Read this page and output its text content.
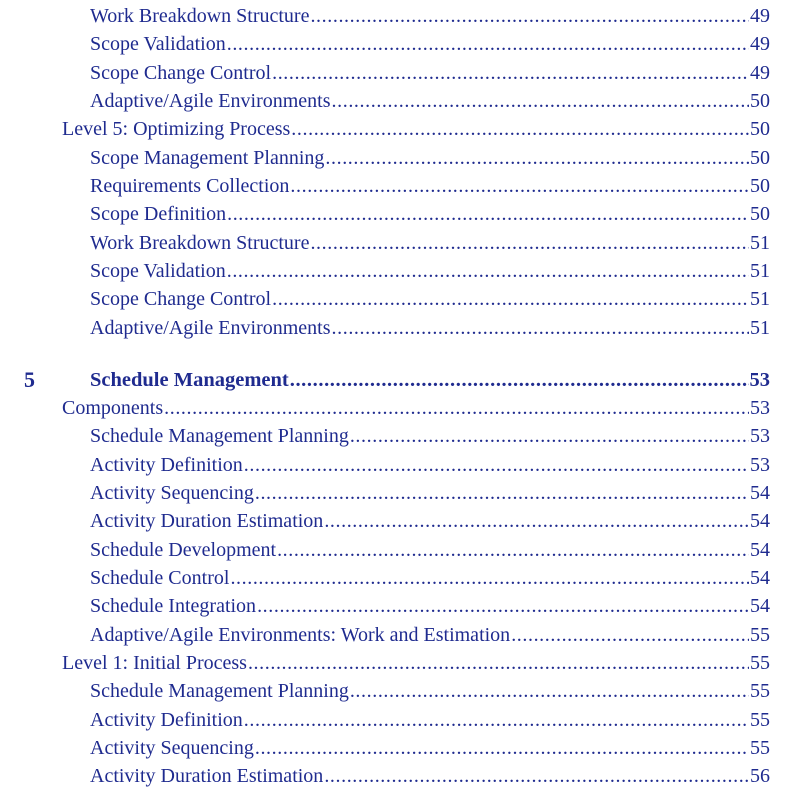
Work Breakdown Structure .....	49
Scope Validation .....	49
Scope Change Control .....	49
Adaptive/Agile Environments .....	50
Level 5: Optimizing Process .....	50
Scope Management Planning .....	50
Requirements Collection .....	50
Scope Definition .....	50
Work Breakdown Structure .....	51
Scope Validation .....	51
Scope Change Control .....	51
Adaptive/Agile Environments .....	51
5	Schedule Management .....	53
Components .....	53
Schedule Management Planning .....	53
Activity Definition .....	53
Activity Sequencing .....	54
Activity Duration Estimation .....	54
Schedule Development .....	54
Schedule Control .....	54
Schedule Integration .....	54
Adaptive/Agile Environments: Work and Estimation .....	55
Level 1: Initial Process .....	55
Schedule Management Planning .....	55
Activity Definition .....	55
Activity Sequencing .....	55
Activity Duration Estimation .....	56
